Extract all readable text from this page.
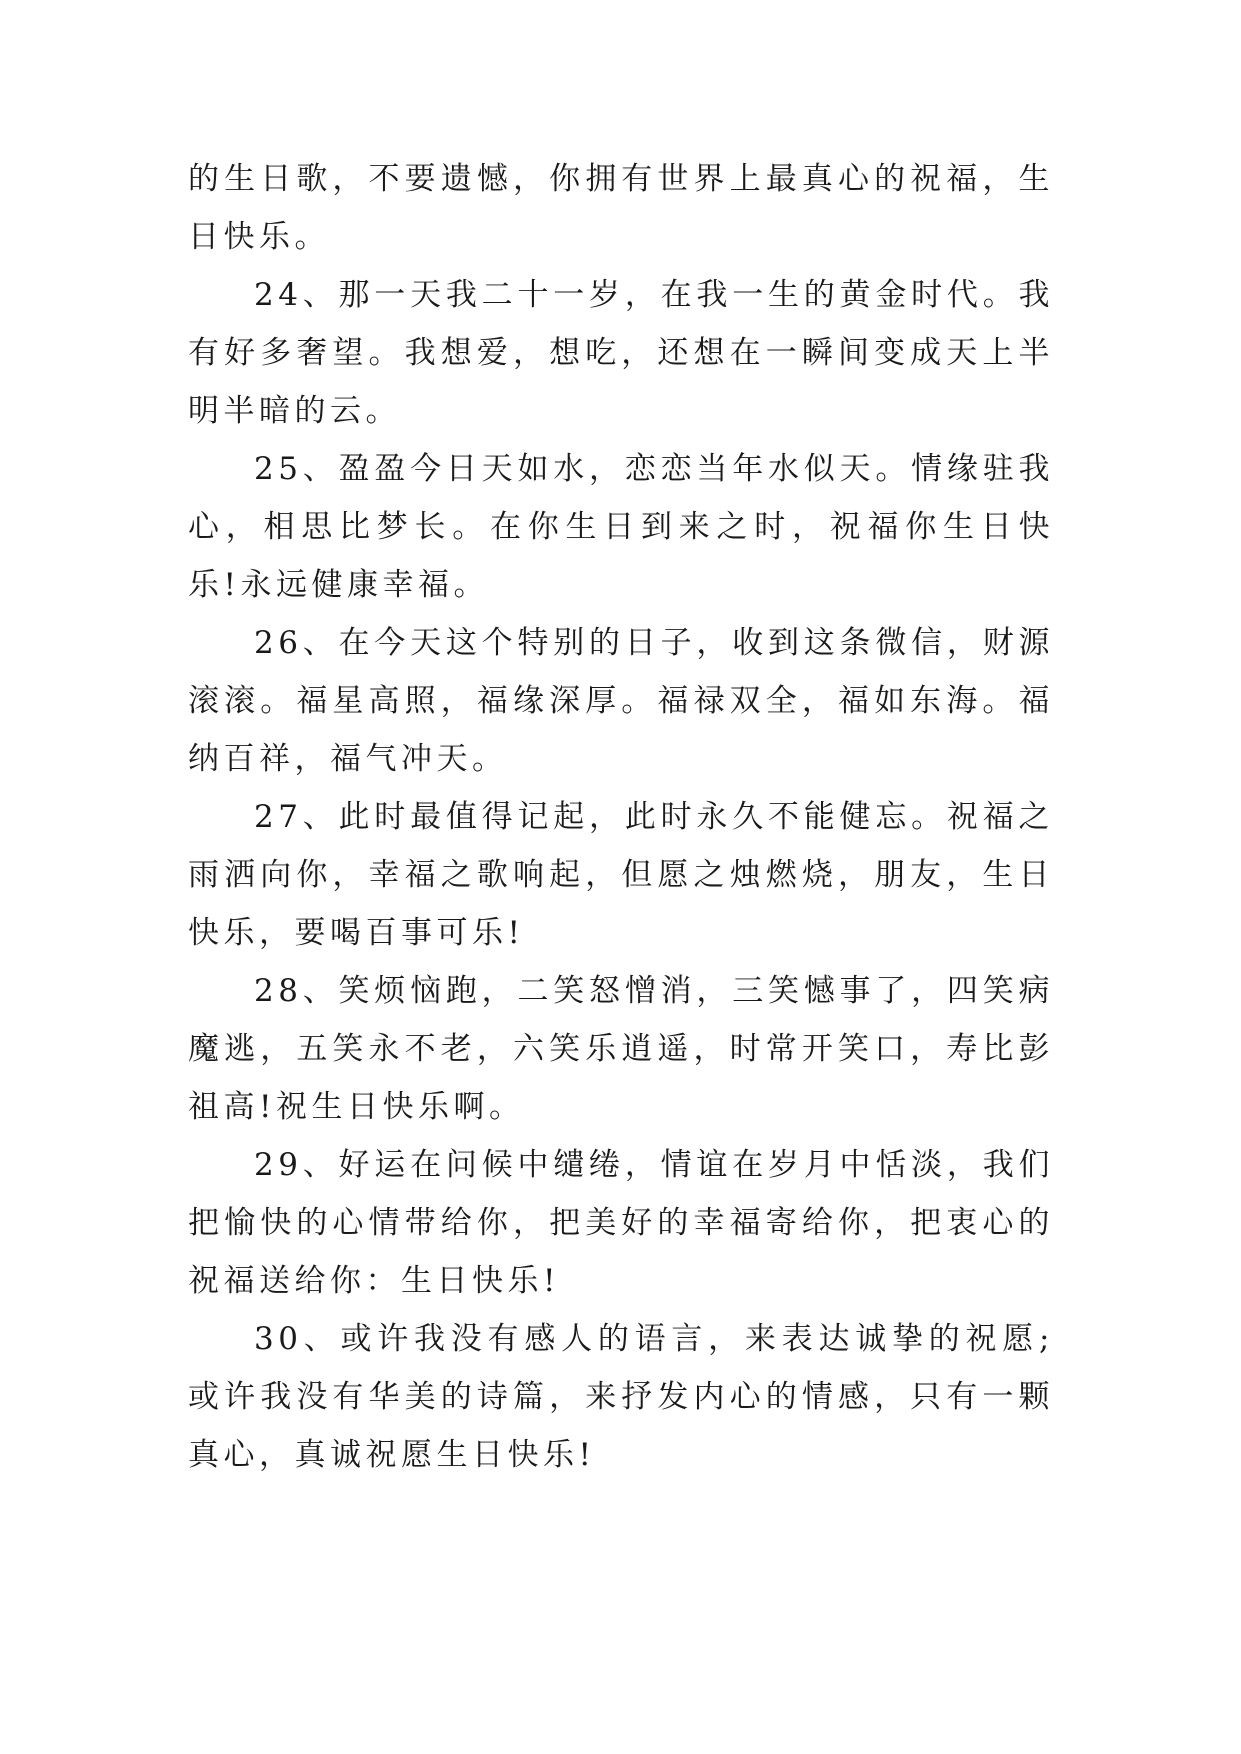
的生日歌，不要遗憾，你拥有世界上最真心的祝福，生日快乐。

24、那一天我二十一岁，在我一生的黄金时代。我有好多奢望。我想爱，想吃，还想在一瞬间变成天上半明半暗的云。

25、盈盈今日天如水，恋恋当年水似天。情缘驻我心，相思比梦长。在你生日到来之时，祝福你生日快乐!永远健康幸福。

26、在今天这个特别的日子，收到这条微信，财源滚滚。福星高照，福缘深厚。福禄双全，福如东海。福纳百祥，福气冲天。

27、此时最值得记起，此时永久不能健忘。祝福之雨洒向你，幸福之歌响起，但愿之烛燃烧，朋友，生日快乐，要喝百事可乐!

28、笑烦恼跑，二笑怒憎消，三笑憾事了，四笑病魔逃，五笑永不老，六笑乐逍遥，时常开笑口，寿比彭祖高!祝生日快乐啊。

29、好运在问候中缱绻，情谊在岁月中恬淡，我们把愉快的心情带给你，把美好的幸福寄给你，把衷心的祝福送给你：生日快乐!

30、或许我没有感人的语言，来表达诚挚的祝愿;或许我没有华美的诗篇，来抒发内心的情感，只有一颗真心，真诚祝愿生日快乐!
